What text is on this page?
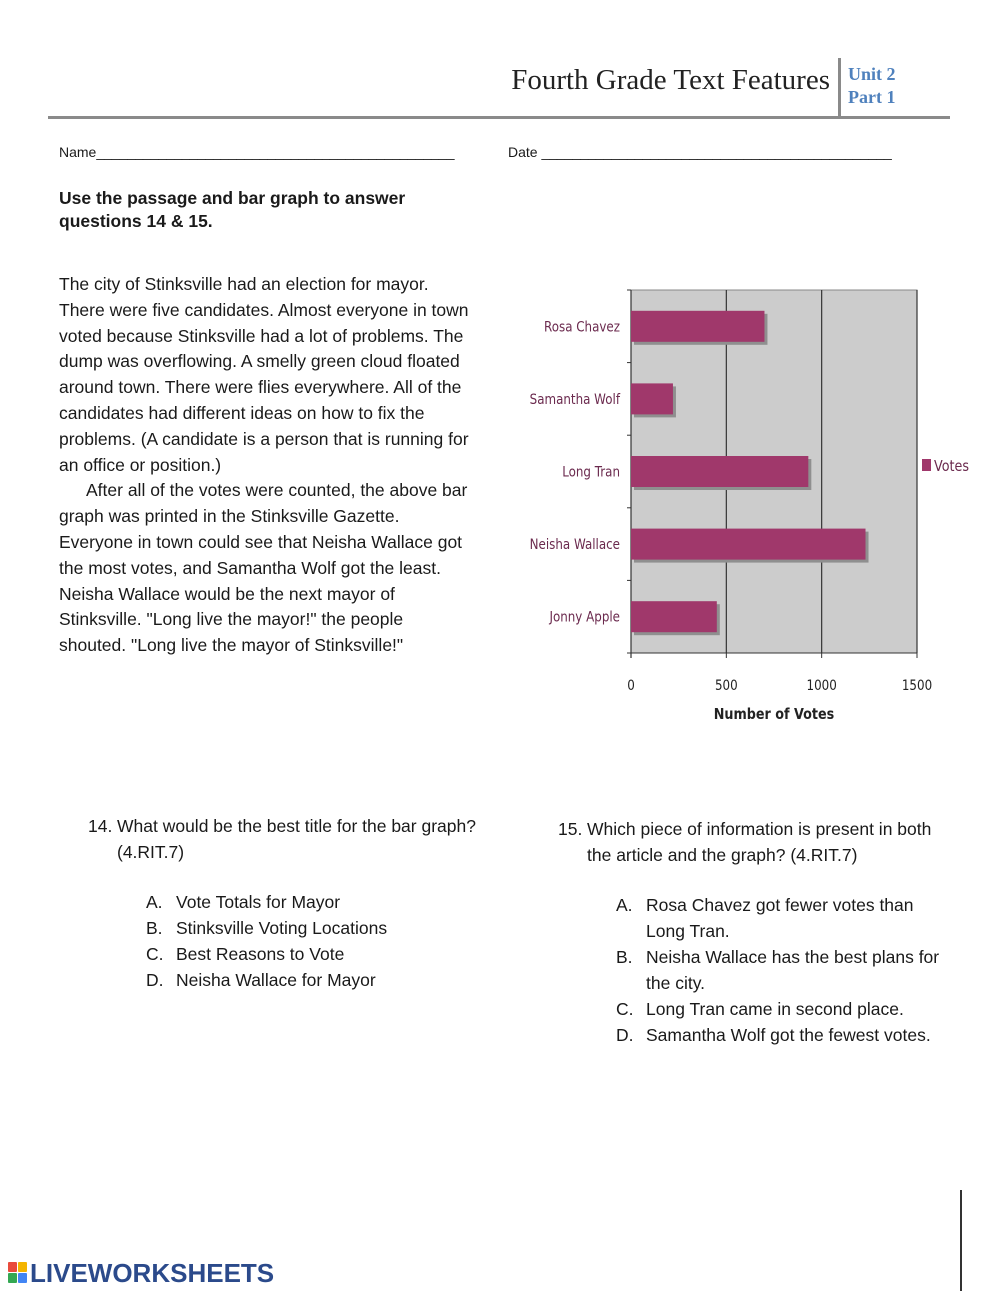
Fourth Grade Text Features Unit 2
Part 1
Name______________________________________________	Date _____________________________________________
Use the passage and bar graph to answer questions 14 & 15.

The city of Stinksville had an election for mayor. There were five candidates. Almost everyone in town voted because Stinksville had a lot of problems. The dump was overflowing. A smelly green cloud floated around town. There were flies everywhere. All of the candidates had different ideas on how to fix the problems. (A candidate is a person that is running for an office or position.)

After all of the votes were counted, the above bar graph was printed in the Stinksville Gazette. Everyone in town could see that Neisha Wallace got the most votes, and Samantha Wolf got the least. Neisha Wallace would be the next mayor of Stinksville. "Long live the mayor!" the people shouted. "Long live the mayor of Stinksville!"

Rosa Chavez
Samantha Wolf
Long Tran
Neisha Wallace
Jonny Apple
0	500	1000	1500
Number of Votes
Votes
14. What would be the best title for the bar graph? (4.RIT.7)
A. Vote Totals for Mayor
B. Stinksville Voting Locations
C. Best Reasons to Vote
D. Neisha Wallace for Mayor
15. Which piece of information is present in both the article and the graph? (4.RIT.7)
A. Rosa Chavez got fewer votes than Long Tran.
B. Neisha Wallace has the best plans for the city.
C. Long Tran came in second place.
D. Samantha Wolf got the fewest votes.
LIVEWORKSHEETS
